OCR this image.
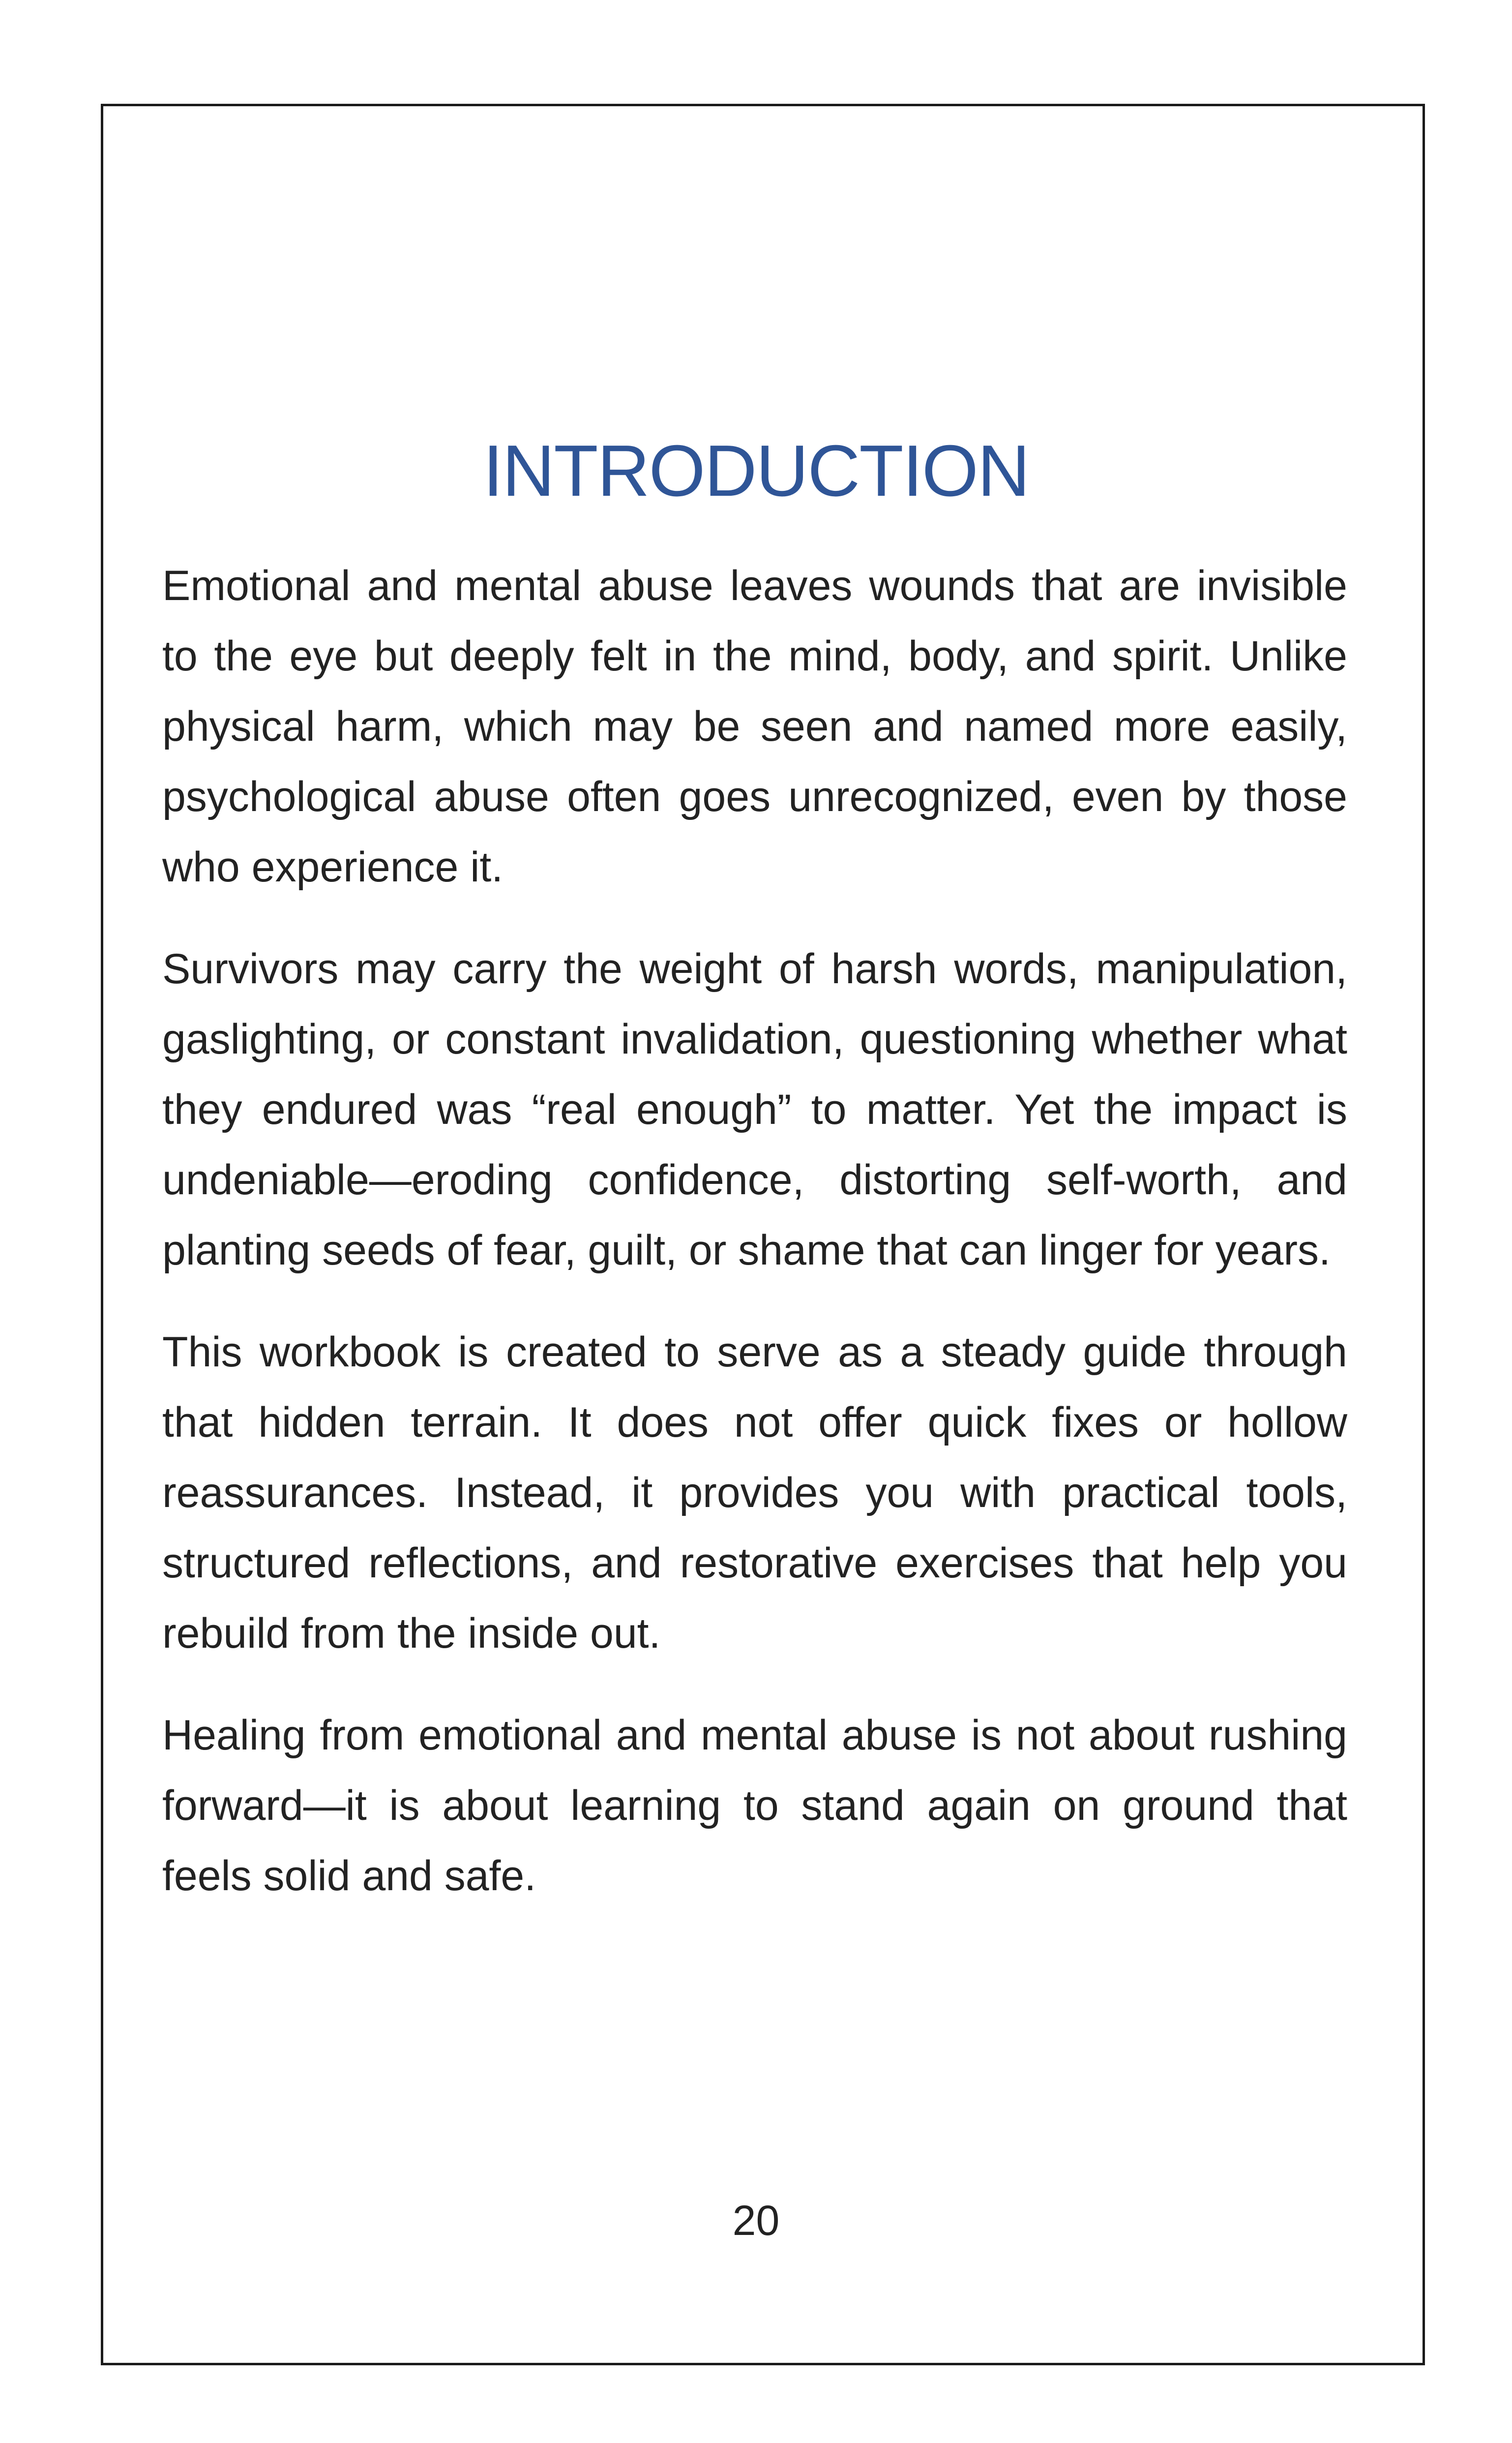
INTRODUCTION

Emotional and mental abuse leaves wounds that are invisible to the eye but deeply felt in the mind, body, and spirit. Unlike physical harm, which may be seen and named more easily, psychological abuse often goes unrecognized, even by those who experience it.

Survivors may carry the weight of harsh words, manipulation, gaslighting, or constant invalidation, questioning whether what they endured was “real enough” to matter. Yet the impact is undeniable—eroding confidence, distorting self-worth, and planting seeds of fear, guilt, or shame that can linger for years.

This workbook is created to serve as a steady guide through that hidden terrain. It does not offer quick fixes or hollow reassurances. Instead, it provides you with practical tools, structured reflections, and restorative exercises that help you rebuild from the inside out.

Healing from emotional and mental abuse is not about rushing forward—it is about learning to stand again on ground that feels solid and safe.

20
